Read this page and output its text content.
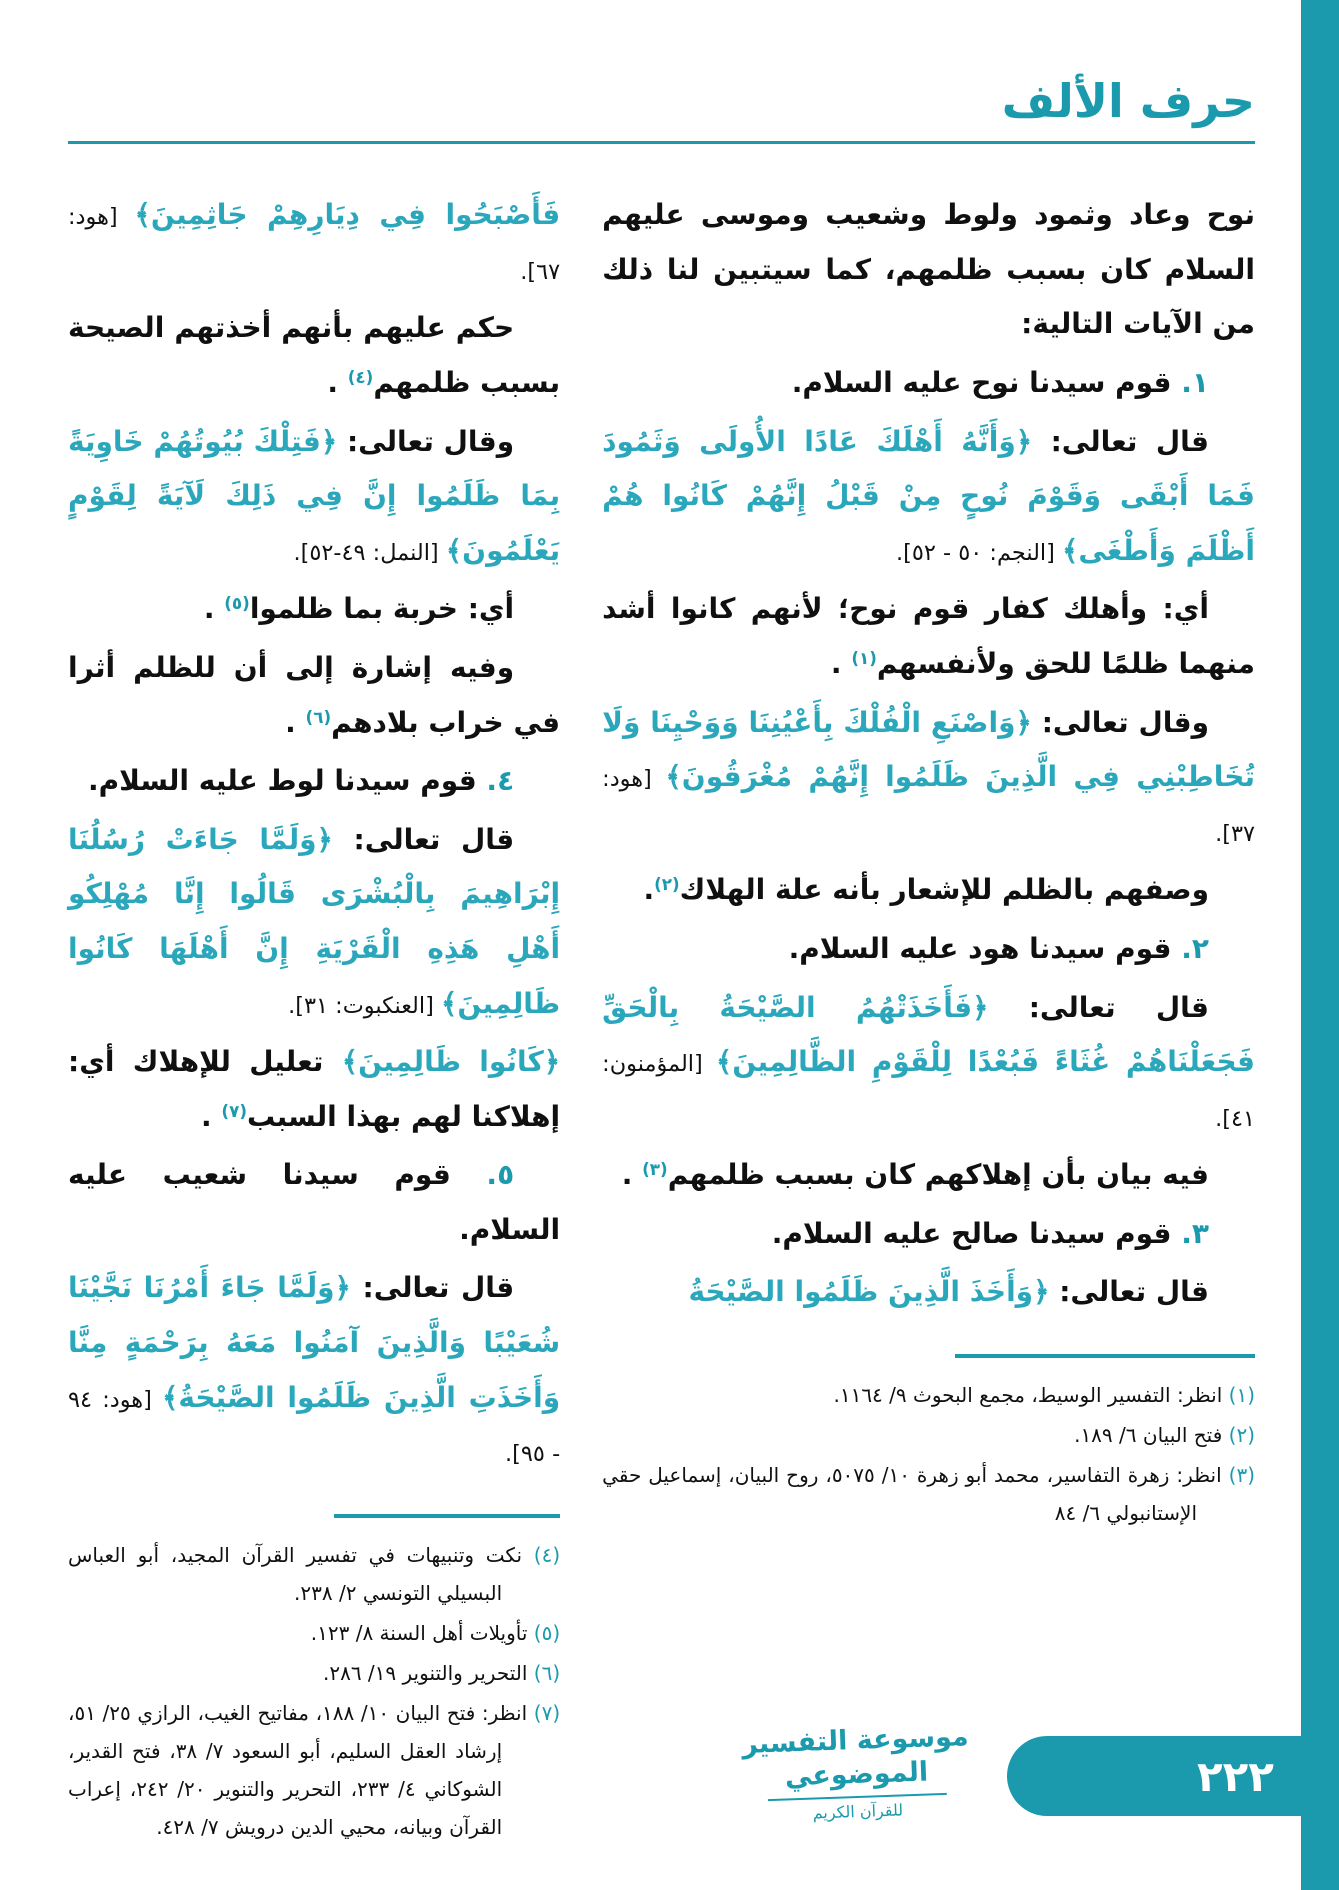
حرف الألف

نوح وعاد وثمود ولوط وشعيب وموسى عليهم السلام كان بسبب ظلمهم، كما سيتبين لنا ذلك من الآيات التالية:

١. قوم سيدنا نوح عليه السلام.

قال تعالى: ﴿وَأَنَّهُ أَهْلَكَ عَادًا الأُولَى وَثَمُودَ فَمَا أَبْقَى وَقَوْمَ نُوحٍ مِنْ قَبْلُ إِنَّهُمْ كَانُوا هُمْ أَظْلَمَ وَأَطْغَى﴾ [النجم: ٥٠ - ٥٢].

أي: وأهلك كفار قوم نوح؛ لأنهم كانوا أشد منهما ظلمًا للحق ولأنفسهم$^{(١)}$ .

وقال تعالى: ﴿وَاصْنَعِ الْفُلْكَ بِأَعْيُنِنَا وَوَحْيِنَا وَلَا تُخَاطِبْنِي فِي الَّذِينَ ظَلَمُوا إِنَّهُمْ مُغْرَقُونَ﴾ [هود: ٣٧].

وصفهم بالظلم للإشعار بأنه علة الهلاك$^{(٢)}$.

٢. قوم سيدنا هود عليه السلام.

قال تعالى: ﴿فَأَخَذَتْهُمُ الصَّيْحَةُ بِالْحَقِّ فَجَعَلْنَاهُمْ غُثَاءً فَبُعْدًا لِلْقَوْمِ الظَّالِمِينَ﴾ [المؤمنون: ٤١].

فيه بيان بأن إهلاكهم كان بسبب ظلمهم$^{(٣)}$ .

٣. قوم سيدنا صالح عليه السلام.

قال تعالى: ﴿وَأَخَذَ الَّذِينَ ظَلَمُوا الصَّيْحَةُ

(١) انظر: التفسير الوسيط، مجمع البحوث ٩/ ١١٦٤.
(٢) فتح البيان ٦/ ١٨٩.
(٣) انظر: زهرة التفاسير، محمد أبو زهرة ١٠/ ٥٠٧٥، روح البيان، إسماعيل حقي الإستانبولي ٦/ ٨٤

فَأَصْبَحُوا فِي دِيَارِهِمْ جَاثِمِينَ﴾ [هود: ٦٧].

حكم عليهم بأنهم أخذتهم الصيحة بسبب ظلمهم$^{(٤)}$ .

وقال تعالى: ﴿فَتِلْكَ بُيُوتُهُمْ خَاوِيَةً بِمَا ظَلَمُوا إِنَّ فِي ذَلِكَ لَآيَةً لِقَوْمٍ يَعْلَمُونَ﴾ [النمل: ٤٩-٥٢].

أي: خربة بما ظلموا$^{(٥)}$ .

وفيه إشارة إلى أن للظلم أثرا في خراب بلادهم$^{(٦)}$ .

٤. قوم سيدنا لوط عليه السلام.

قال تعالى: ﴿وَلَمَّا جَاءَتْ رُسُلُنَا إِبْرَاهِيمَ بِالْبُشْرَى قَالُوا إِنَّا مُهْلِكُو أَهْلِ هَذِهِ الْقَرْيَةِ إِنَّ أَهْلَهَا كَانُوا ظَالِمِينَ﴾ [العنكبوت: ٣١].

﴿كَانُوا ظَالِمِينَ﴾ تعليل للإهلاك أي: إهلاكنا لهم بهذا السبب$^{(٧)}$ .

٥. قوم سيدنا شعيب عليه السلام.

قال تعالى: ﴿وَلَمَّا جَاءَ أَمْرُنَا نَجَّيْنَا شُعَيْبًا وَالَّذِينَ آمَنُوا مَعَهُ بِرَحْمَةٍ مِنَّا وَأَخَذَتِ الَّذِينَ ظَلَمُوا الصَّيْحَةُ﴾ [هود: ٩٤ - ٩٥].

(٤) نكت وتنبيهات في تفسير القرآن المجيد، أبو العباس البسيلي التونسي ٢/ ٢٣٨.
(٥) تأويلات أهل السنة ٨/ ١٢٣.
(٦) التحرير والتنوير ١٩/ ٢٨٦.
(٧) انظر: فتح البيان ١٠/ ١٨٨، مفاتيح الغيب، الرازي ٢٥/ ٥١، إرشاد العقل السليم، أبو السعود ٧/ ٣٨، فتح القدير، الشوكاني ٤/ ٢٣٣، التحرير والتنوير ٢٠/ ٢٤٢، إعراب القرآن وبيانه، محيي الدين درويش ٧/ ٤٢٨.
موسوعة التفسير الموضوعي
للقرآن الكريم
٢٢٢
